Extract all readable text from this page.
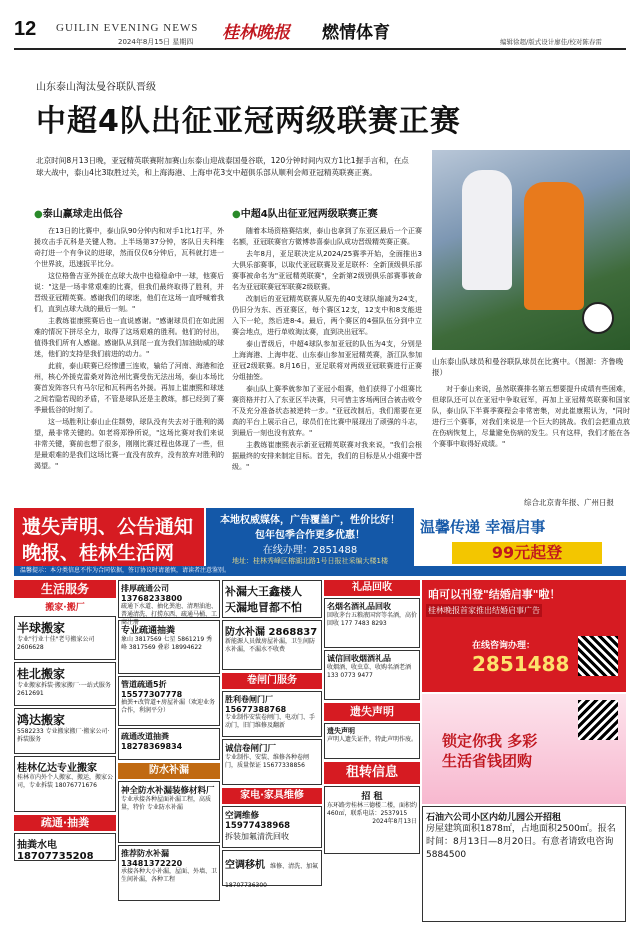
12 GUILIN EVENING NEWS
2024年8月15日 星期四 桂林晚报 燃情体育	编辑徐超/版式设计廖佳/校对陈春雷
山东泰山淘汰曼谷联队晋级
中超4队出征亚冠两级联赛正赛
北京时间8月13日晚，亚冠精英联赛附加赛山东泰山迎战泰国曼谷联，120分钟时间内双方1比1握手言和，在点球大战中，泰山4比3取胜过关，和上海海港、上海申花3支中超俱乐部从顺利会师亚冠精英联赛正赛。
山东泰山队球员和曼谷联队球员在比赛中。（图源：齐鲁晚报）
●泰山赢球走出低谷	●中超4队出征亚冠两级联赛正赛

在13日的比赛中，泰山队90分钟内和对手1比1打平，外援攻击手瓦科是关键人物。上半场第37分钟，客队日夫科维奇打进一个有争议的进球，然而仅仅6分钟后，瓦科就打进一个世界波，迅速扳平比分。

这位格鲁吉亚外援在点球大战中也稳稳命中一球，他赛后说："这是一场非常艰难的比赛，但我们最终取得了胜利，并晋级亚冠精英赛。感谢我们的球迷，他们在这场一直呼喊着我们，直到点球大战的最后一刻。"

主教练崔康熙赛后也一直说感谢。"感谢球员们在如此困难的情况下拼尽全力，取得了这场艰难的胜利。他们的付出，值得我们所有人感谢。感谢队从到尾一直为我们加油助威的球迷，他们的支持是我们前进的动力。"

此前，泰山联赛已经惨遭三连败，输给了河南、海港和沧州，核心外援克雷桑对阵沧州比赛受伤无法出场，泰山本场比赛首发阵容只有马尔尼和瓦科两名外援。再加上崔康熙和球迷之间若隐若现的矛盾，不管是球队还是主教练，都已经到了赛季最低谷的时刻了。

这一场胜利让泰山止住颓势，球队没有失去对于胜利的渴望，最非常关键的。如老将郑铮所说，"这场比赛对我们来说非常关键，赛前也想了很多，刚刚比赛过程也体现了一些，但是最艰难的是我们这场比赛一直没有放弃，没有放弃对胜利的渴望。"

随着本场资格赛结束，泰山也拿到了东亚区最后一个正赛名额，亚冠联赛官方微博恭喜泰山队成功晋级精英赛正赛。

去年8月，亚足联决定从2024/25赛季开始，全面推出3大俱乐部赛事，以取代亚冠联赛及亚足联杯：全新顶级俱乐部赛事被命名为"亚冠精英联赛"，全新第2级别俱乐部赛事被命名为亚冠联赛冠军联赛2级联赛。

改制后的亚冠精英联赛从原先的40支球队缩减为24支，仍旧分为东、西亚赛区，每个赛区12支，12支中和8支能进入下一轮，然后进8-4。最后，两个赛区的4强队伍分到中立赛会地点，进行单败淘汰赛，直到决出冠军。

泰山晋级后，中超4球队参加亚冠的队伍为4支，分别是上海海港、上海申花、山东泰山参加亚冠精英赛，浙江队参加亚冠2级联赛。8月16日，亚足联将对两级亚冠联赛进行正赛分组抽签。

泰山队上赛季就参加了亚冠小组赛，他们获得了小组赛比赛资格并打入了东亚区半决赛，只可惜主客场两回合被击败令不及充分准备状态被逆转一步。"亚冠改制后，我们需要在更高的平台上展示自己，球员们在比赛中展现出了顽强的斗志，到最后一刻也没有放弃。"

主教练崔康熙表示新亚冠精英联赛对我来说，"我们会根据最终的安排来制定目标。首先，我们的目标是从小组赛中晋级。"

对于泰山来说，虽然联赛排名第五想要提升成绩有些困难，但球队还可以在亚冠中争取冠军，再加上亚冠精英联赛和国家队，泰山队下半赛季赛程会非常密集，对此崔康熙认为，"同时进行三个赛事，对我们来说是一个巨大的挑战。我们会把重点放在伤病恢复上，尽量避免伤病的发生。只有这样，我们才能在各个赛事中取得好成绩。"

综合北京青年报、广州日报
遗失声明、公告通知
晚报、桂林生活网
本地权威媒体，广告覆盖广，性价比好！
包年包季合作更多优惠！
在线办理：2851488
地址：桂林秀峰区榕湖北路1号日报社采编大楼1楼
温馨传递 幸福启事
99元起登
温馨提示：本分类信息不作为合同依据，签订协议时请谨慎，请读者注意鉴别。
生活服务
搬家·搬厂
半球搬家
专业"行业十佳"老号搬家公司 2606628
桂北搬家
专业搬家拆装·搬家搬厂·一站式服务 2612691
鸿达搬家
5582233 专业搬家搬厂·搬家公司·拆装服务
桂林亿达专业搬家
桂林市内外个人搬家、搬运，搬家公司，专业拆装 18076771676
疏通·抽粪
抽粪水电 18707735208
排厚疏通公司 13768233800
疏通下水道、抽化粪池、清理油池、普通清洗、打捞东西、疏通马桶、工商注册
专业疏通抽粪
象山 3817569 七星 5861219 秀峰 3817569 叠彩 18994622
管道疏通5折 15577307778
抽粪+改管道+房屋补漏（欢迎业务合作，利润平分）
疏通改道抽粪 18278369834
防水补漏
神全防水补漏装修材料厂
专业承接各种屋面补漏工程，高质量，特价 专业防水补漏
推荐防水补漏 13481372220
承接各种大小补漏，屋面、外墙、卫生间补漏，各种工程
补漏大王鑫楼人
天漏地冒都不怕
防水补漏 2868837
新能源人员做房屋补漏，卫生间防水补漏，不漏水不收费
卷闸门服务
胜利卷闸门厂 15677388768
专业制作安装卷闸门、电动门、手动门，旧门维修及翻新
诚信卷闸门厂
专业制作、安装、维修各种卷闸门，质量保证 15677338856
家电·家具维修
空调维修 15977438968
拆装加氟清洗回收
空调移机 维修、清洗、加氟 18707736300
礼品回收
名烟名酒礼品回收
回收茅台五粮液国窖等名酒，高价回收 177 7483 8293
诚信回收烟酒礼品
收烟酒、收虫草、收购名酒老酒 133 0773 9477
遗失声明
遗失声明
声明人遗失证件，特此声明作废。
租转信息
招 租
东环路旁桂林三德楼二楼，面积约460㎡，联系电话：2537915
2024年8月13日
咱可以刊登"结婚启事"啦！
桂林晚报首家推出结婚启事广告
在线咨询办理：
2851488
锁定你我 多彩
生活省钱团购
石油六公司小区内幼儿园公开招租
房屋建筑面积1878㎡，占地面积2500㎡。报名时间：8月13日—8月20日。有意者请致电咨询5884500
